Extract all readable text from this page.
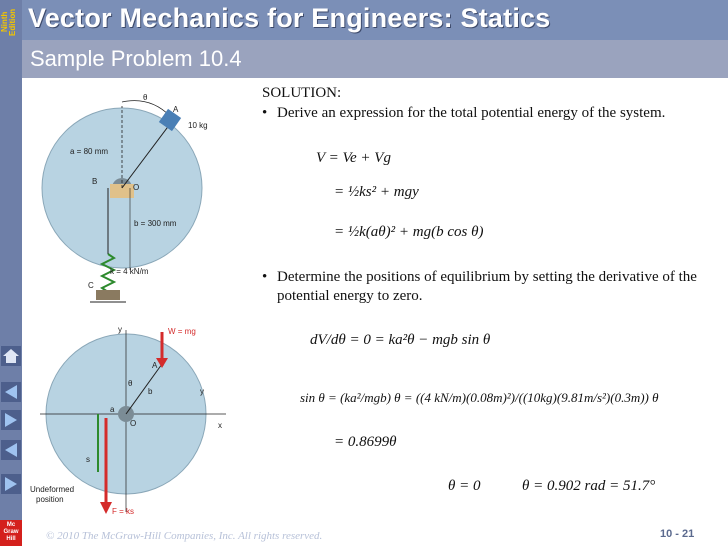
Ninth Edition
Mc Graw Hill
Vector Mechanics for Engineers: Statics
Sample Problem 10.4
θ
A
10 kg
a = 80 mm
B
O
b = 300 mm
k = 4 kN/m
C
y	W = mg
A
θ
b	y
O	x
a
s
Undeformed
position
F = ks
SOLUTION:
• Derive an expression for the total potential energy of the system.
V = Ve + Vg
= ½ks² + mgy
= ½k(aθ)² + mg(b cos θ)
• Determine the positions of equilibrium by setting the derivative of the potential energy to zero.
dV/dθ = 0 = ka²θ − mgb sin θ
sin θ = (ka²/mgb) θ = ((4 kN/m)(0.08m)²)/((10kg)(9.81m/s²)(0.3m)) θ
= 0.8699θ
θ = 0	θ = 0.902 rad = 51.7°
© 2010 The McGraw-Hill Companies, Inc. All rights reserved.	10 - 21
